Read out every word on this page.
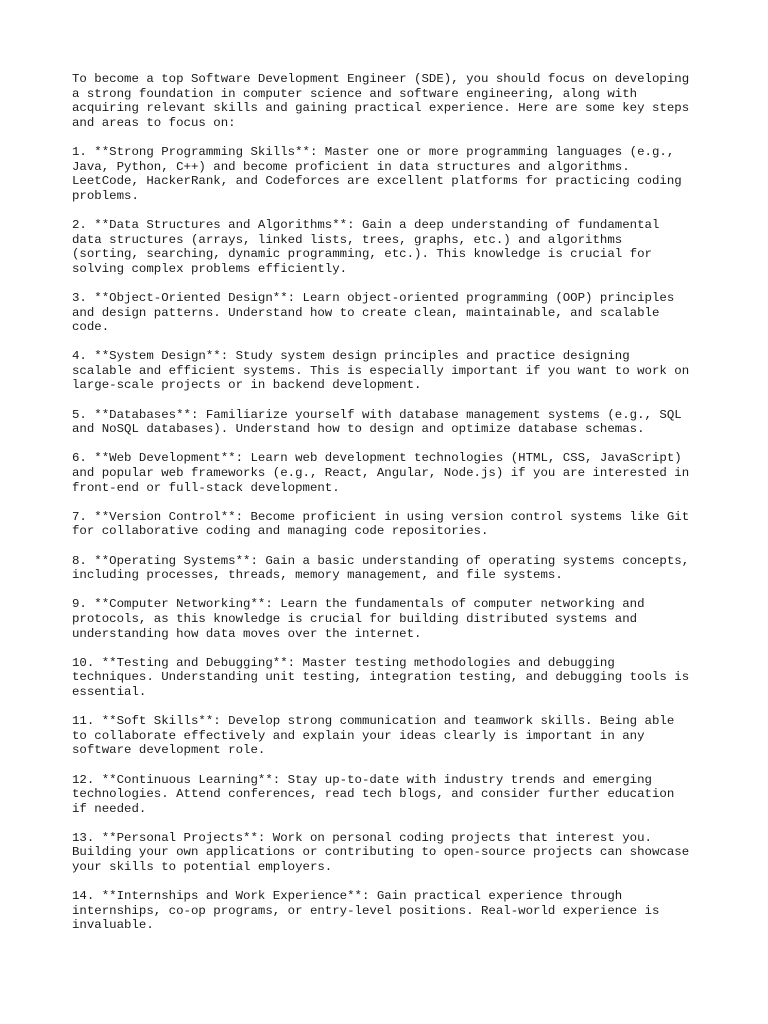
To become a top Software Development Engineer (SDE), you should focus on developing
a strong foundation in computer science and software engineering, along with
acquiring relevant skills and gaining practical experience. Here are some key steps
and areas to focus on:

1. **Strong Programming Skills**: Master one or more programming languages (e.g.,
Java, Python, C++) and become proficient in data structures and algorithms.
LeetCode, HackerRank, and Codeforces are excellent platforms for practicing coding
problems.

2. **Data Structures and Algorithms**: Gain a deep understanding of fundamental
data structures (arrays, linked lists, trees, graphs, etc.) and algorithms
(sorting, searching, dynamic programming, etc.). This knowledge is crucial for
solving complex problems efficiently.

3. **Object-Oriented Design**: Learn object-oriented programming (OOP) principles
and design patterns. Understand how to create clean, maintainable, and scalable
code.

4. **System Design**: Study system design principles and practice designing
scalable and efficient systems. This is especially important if you want to work on
large-scale projects or in backend development.

5. **Databases**: Familiarize yourself with database management systems (e.g., SQL
and NoSQL databases). Understand how to design and optimize database schemas.

6. **Web Development**: Learn web development technologies (HTML, CSS, JavaScript)
and popular web frameworks (e.g., React, Angular, Node.js) if you are interested in
front-end or full-stack development.

7. **Version Control**: Become proficient in using version control systems like Git
for collaborative coding and managing code repositories.

8. **Operating Systems**: Gain a basic understanding of operating systems concepts,
including processes, threads, memory management, and file systems.

9. **Computer Networking**: Learn the fundamentals of computer networking and
protocols, as this knowledge is crucial for building distributed systems and
understanding how data moves over the internet.

10. **Testing and Debugging**: Master testing methodologies and debugging
techniques. Understanding unit testing, integration testing, and debugging tools is
essential.

11. **Soft Skills**: Develop strong communication and teamwork skills. Being able
to collaborate effectively and explain your ideas clearly is important in any
software development role.

12. **Continuous Learning**: Stay up-to-date with industry trends and emerging
technologies. Attend conferences, read tech blogs, and consider further education
if needed.

13. **Personal Projects**: Work on personal coding projects that interest you.
Building your own applications or contributing to open-source projects can showcase
your skills to potential employers.

14. **Internships and Work Experience**: Gain practical experience through
internships, co-op programs, or entry-level positions. Real-world experience is
invaluable.
